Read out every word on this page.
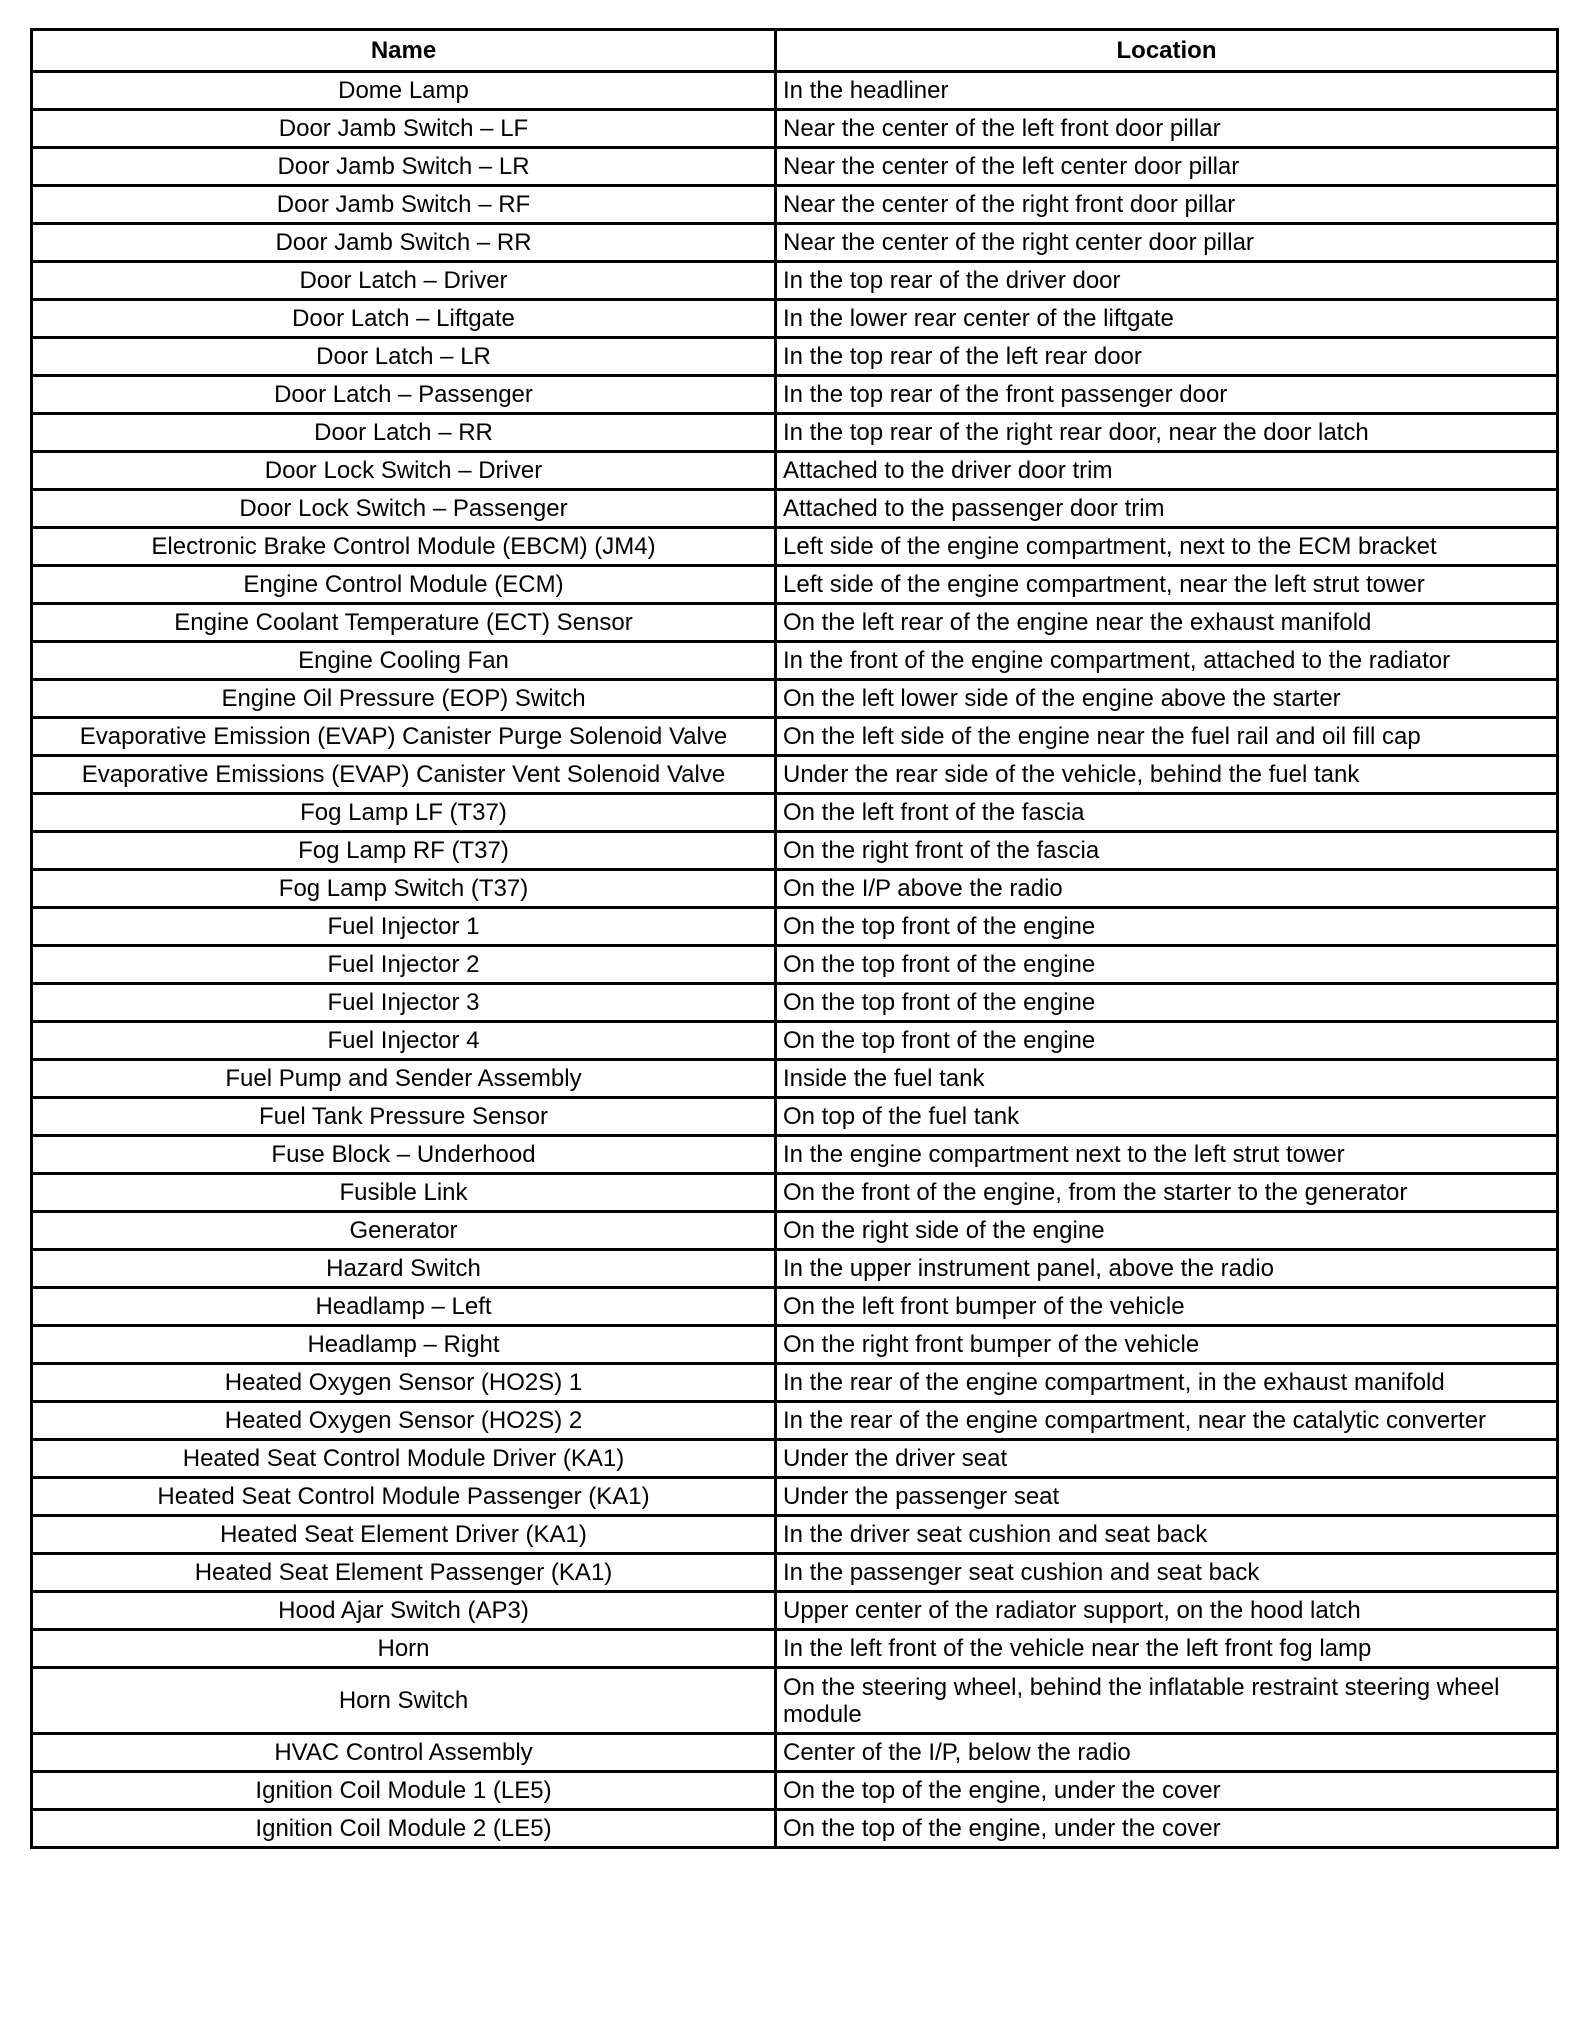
Name	Location
Dome Lamp	In the headliner
Door Jamb Switch – LF	Near the center of the left front door pillar
Door Jamb Switch – LR	Near the center of the left center door pillar
Door Jamb Switch – RF	Near the center of the right front door pillar
Door Jamb Switch – RR	Near the center of the right center door pillar
Door Latch – Driver	In the top rear of the driver door
Door Latch – Liftgate	In the lower rear center of the liftgate
Door Latch – LR	In the top rear of the left rear door
Door Latch – Passenger	In the top rear of the front passenger door
Door Latch – RR	In the top rear of the right rear door, near the door latch
Door Lock Switch – Driver	Attached to the driver door trim
Door Lock Switch – Passenger	Attached to the passenger door trim
Electronic Brake Control Module (EBCM) (JM4)	Left side of the engine compartment, next to the ECM bracket
Engine Control Module (ECM)	Left side of the engine compartment, near the left strut tower
Engine Coolant Temperature (ECT) Sensor	On the left rear of the engine near the exhaust manifold
Engine Cooling Fan	In the front of the engine compartment, attached to the radiator
Engine Oil Pressure (EOP) Switch	On the left lower side of the engine above the starter
Evaporative Emission (EVAP) Canister Purge Solenoid Valve	On the left side of the engine near the fuel rail and oil fill cap
Evaporative Emissions (EVAP) Canister Vent Solenoid Valve	Under the rear side of the vehicle, behind the fuel tank
Fog Lamp LF (T37)	On the left front of the fascia
Fog Lamp RF (T37)	On the right front of the fascia
Fog Lamp Switch (T37)	On the I/P above the radio
Fuel Injector 1	On the top front of the engine
Fuel Injector 2	On the top front of the engine
Fuel Injector 3	On the top front of the engine
Fuel Injector 4	On the top front of the engine
Fuel Pump and Sender Assembly	Inside the fuel tank
Fuel Tank Pressure Sensor	On top of the fuel tank
Fuse Block – Underhood	In the engine compartment next to the left strut tower
Fusible Link	On the front of the engine, from the starter to the generator
Generator	On the right side of the engine
Hazard Switch	In the upper instrument panel, above the radio
Headlamp – Left	On the left front bumper of the vehicle
Headlamp – Right	On the right front bumper of the vehicle
Heated Oxygen Sensor (HO2S) 1	In the rear of the engine compartment, in the exhaust manifold
Heated Oxygen Sensor (HO2S) 2	In the rear of the engine compartment, near the catalytic converter
Heated Seat Control Module Driver (KA1)	Under the driver seat
Heated Seat Control Module Passenger (KA1)	Under the passenger seat
Heated Seat Element Driver (KA1)	In the driver seat cushion and seat back
Heated Seat Element Passenger (KA1)	In the passenger seat cushion and seat back
Hood Ajar Switch (AP3)	Upper center of the radiator support, on the hood latch
Horn	In the left front of the vehicle near the left front fog lamp
Horn Switch	On the steering wheel, behind the inflatable restraint steering wheel module
HVAC Control Assembly	Center of the I/P, below the radio
Ignition Coil Module 1 (LE5)	On the top of the engine, under the cover
Ignition Coil Module 2 (LE5)	On the top of the engine, under the cover
